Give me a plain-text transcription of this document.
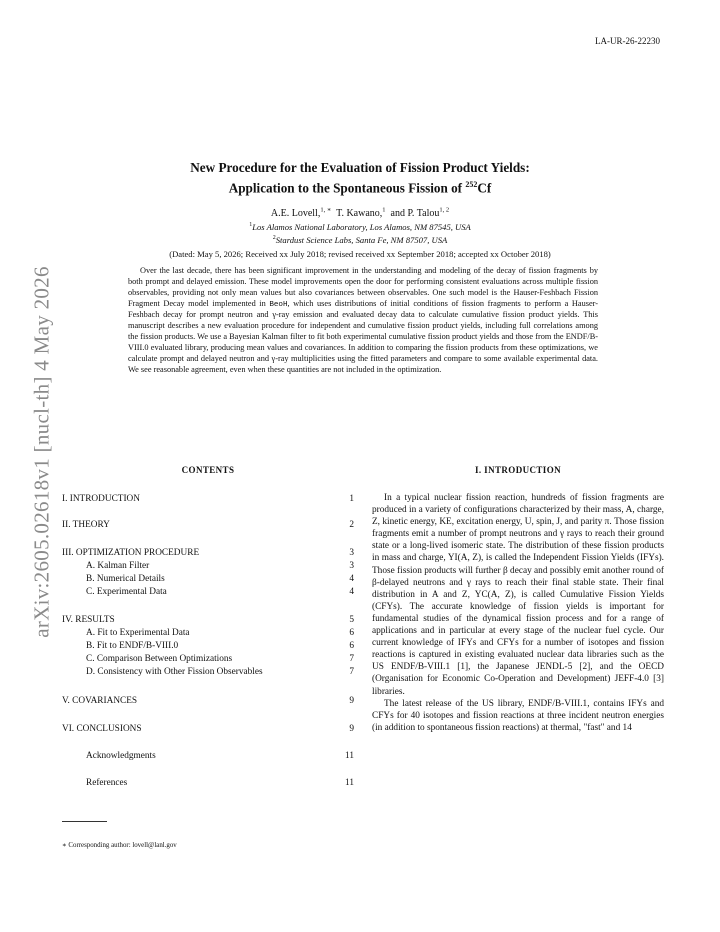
LA-UR-26-22230
arXiv:2605.02618v1 [nucl-th] 4 May 2026
New Procedure for the Evaluation of Fission Product Yields:
Application to the Spontaneous Fission of $^{252}$Cf
A.E. Lovell,$^{1, ∗}$ T. Kawano,$^1$ and P. Talou$^{1, 2}$
$^1$Los Alamos National Laboratory, Los Alamos, NM 87545, USA
$^2$Stardust Science Labs, Santa Fe, NM 87507, USA
(Dated: May 5, 2026; Received xx July 2018; revised received xx September 2018; accepted xx October 2018)

Over the last decade, there has been significant improvement in the understanding and modeling of the decay of fission fragments by both prompt and delayed emission. These model improvements open the door for performing consistent evaluations across multiple fission observables, providing not only mean values but also covariances between observables. One such model is the Hauser-Feshbach Fission Fragment Decay model implemented in BeoH, which uses distributions of initial conditions of fission fragments to perform a Hauser-Feshbach decay for prompt neutron and γ-ray emission and evaluated decay data to calculate cumulative fission product yields. This manuscript describes a new evaluation procedure for independent and cumulative fission product yields, including full correlations among the fission products. We use a Bayesian Kalman filter to fit both experimental cumulative fission product yields and those from the ENDF/B-VIII.0 evaluated library, producing mean values and covariances. In addition to comparing the fission products from these optimizations, we calculate prompt and delayed neutron and γ-ray multiplicities using the fitted parameters and compare to some available experimental data. We see reasonable agreement, even when these quantities are not included in the optimization.

CONTENTS
I. INTRODUCTION	1
II. THEORY	2
III. OPTIMIZATION PROCEDURE	3
A. Kalman Filter	3
B. Numerical Details	4
C. Experimental Data	4
IV. RESULTS	5
A. Fit to Experimental Data	6
B. Fit to ENDF/B-VIII.0	6
C. Comparison Between Optimizations	7
D. Consistency with Other Fission Observables	7
V. COVARIANCES	9
VI. CONCLUSIONS	9
Acknowledgments	11
References	11
∗ Corresponding author: lovell@lanl.gov
I. INTRODUCTION

In a typical nuclear fission reaction, hundreds of fission fragments are produced in a variety of configurations characterized by their mass, A, charge, Z, kinetic energy, KE, excitation energy, U, spin, J, and parity π. Those fission fragments emit a number of prompt neutrons and γ rays to reach their ground state or a long-lived isomeric state. The distribution of these fission products in mass and charge, YI(A, Z), is called the Independent Fission Yields (IFYs). Those fission products will further β decay and possibly emit another round of β-delayed neutrons and γ rays to reach their final stable state. Their final distribution in A and Z, YC(A, Z), is called Cumulative Fission Yields (CFYs). The accurate knowledge of fission yields is important for fundamental studies of the dynamical fission process and for a range of applications and in particular at every stage of the nuclear fuel cycle. Our current knowledge of IFYs and CFYs for a number of isotopes and fission reactions is captured in existing evaluated nuclear data libraries such as the US ENDF/B-VIII.1 [1], the Japanese JENDL-5 [2], and the OECD (Organisation for Economic Co-Operation and Development) JEFF-4.0 [3] libraries.

The latest release of the US library, ENDF/B-VIII.1, contains IFYs and CFYs for 40 isotopes and fission reactions at three incident neutron energies (in addition to spontaneous fission reactions) at thermal, "fast" and 14
